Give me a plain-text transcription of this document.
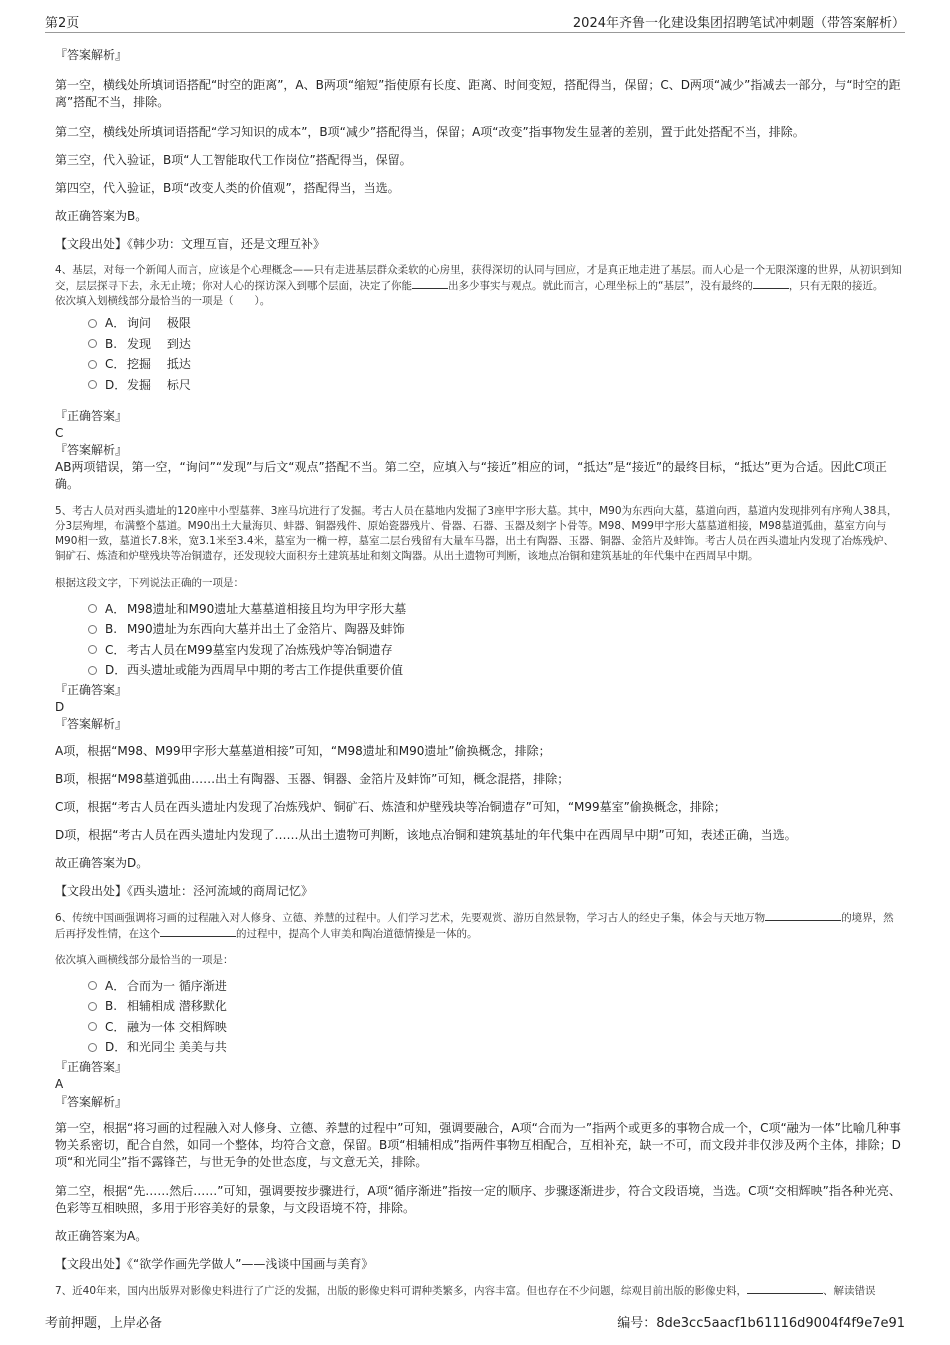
第2页	2024年齐鲁一化建设集团招聘笔试冲刺题（带答案解析）

『答案解析』

第一空，横线处所填词语搭配“时空的距离”，A、B两项“缩短”指使原有长度、距离、时间变短，搭配得当，保留；C、D两项“减少”指减去一部分，与“时空的距离”搭配不当，排除。

第二空，横线处所填词语搭配“学习知识的成本”，B项“减少”搭配得当，保留；A项“改变”指事物发生显著的差别，置于此处搭配不当，排除。

第三空，代入验证，B项“人工智能取代工作岗位”搭配得当，保留。

第四空，代入验证，B项“改变人类的价值观”，搭配得当，当选。

故正确答案为B。

【文段出处】《韩少功：文理互盲，还是文理互补》

4、基层，对每一个新闻人而言，应该是个心理概念——只有走进基层群众柔软的心房里，获得深切的认同与回应，才是真正地走进了基层。而人心是一个无限深邃的世界，从初识到知交，层层探寻下去，永无止境；你对人心的探访深入到哪个层面，决定了你能	出多少事实与观点。就此而言，心理坐标上的“基层”，没有最终的	，只有无限的接近。

依次填入划横线部分最恰当的一项是（　　）。

A． 询问　 极限
B. 发现　 到达
C． 挖掘　 抵达
D． 发掘　 标尺

『正确答案』

C

『答案解析』

AB两项错误，第一空，“询问”“发现”与后文“观点”搭配不当。第二空，应填入与“接近”相应的词，“抵达”是“接近”的最终目标，“抵达”更为合适。因此C项正确。

5、考古人员对西头遗址的120座中小型墓葬、3座马坑进行了发掘。考古人员在墓地内发掘了3座甲字形大墓。其中，M90为东西向大墓，墓道向西，墓道内发现排列有序殉人38具，分3层殉埋，布满整个墓道。M90出土大量海贝、蚌器、铜器残件、原始瓷器残片、骨器、石器、玉器及刻字卜骨等。M98、M99甲字形大墓墓道相接，M98墓道弧曲，墓室方向与M90相一致，墓道长7.8米，宽3.1米至3.4米，墓室为一椭一椁，墓室二层台残留有大量车马器，出土有陶器、玉器、铜器、金箔片及蚌饰。考古人员在西头遗址内发现了冶炼残炉、铜矿石、炼渣和炉壁残块等冶铜遗存，还发现较大面积夯土建筑基址和刻文陶器。从出土遗物可判断，该地点冶铜和建筑基址的年代集中在西周早中期。

根据这段文字，下列说法正确的一项是：

A． M98遗址和M90遗址大墓墓道相接且均为甲字形大墓
B. M90遗址为东西向大墓并出土了金箔片、陶器及蚌饰
C． 考古人员在M99墓室内发现了冶炼残炉等冶铜遗存
D． 西头遗址或能为西周早中期的考古工作提供重要价值

『正确答案』

D

『答案解析』

A项，根据“M98、M99甲字形大墓墓道相接”可知，“M98遗址和M90遗址”偷换概念，排除；

B项，根据“M98墓道弧曲……出土有陶器、玉器、铜器、金箔片及蚌饰”可知，概念混搭，排除；

C项，根据“考古人员在西头遗址内发现了冶炼残炉、铜矿石、炼渣和炉壁残块等冶铜遗存”可知，“M99墓室”偷换概念，排除；

D项，根据“考古人员在西头遗址内发现了……从出土遗物可判断，该地点冶铜和建筑基址的年代集中在西周早中期”可知，表述正确，当选。

故正确答案为D。

【文段出处】《西头遗址：泾河流域的商周记忆》

6、传统中国画强调将习画的过程融入对人修身、立德、养慧的过程中。人们学习艺术，先要观赏、游历自然景物，学习古人的经史子集，体会与天地万物	的境界，然后再抒发性情，在这个	的过程中，提高个人审美和陶冶道德情操是一体的。

依次填入画横线部分最恰当的一项是：

A． 合而为一 循序渐进
B. 相辅相成 潜移默化
C． 融为一体 交相辉映
D． 和光同尘 美美与共

『正确答案』

A

『答案解析』

第一空，根据“将习画的过程融入对人修身、立德、养慧的过程中”可知，强调要融合，A项“合而为一”指两个或更多的事物合成一个，C项“融为一体”比喻几种事物关系密切，配合自然，如同一个整体，均符合文意，保留。B项“相辅相成”指两件事物互相配合，互相补充，缺一不可，而文段并非仅涉及两个主体，排除；D项“和光同尘”指不露锋芒，与世无争的处世态度，与文意无关，排除。

第二空，根据“先……然后……”可知，强调要按步骤进行，A项“循序渐进”指按一定的顺序、步骤逐渐进步，符合文段语境，当选。C项“交相辉映”指各种光亮、色彩等互相映照，多用于形容美好的景象，与文段语境不符，排除。

故正确答案为A。

【文段出处】《“欲学作画先学做人”——浅谈中国画与美育》

7、近40年来，国内出版界对影像史料进行了广泛的发掘，出版的影像史料可谓种类繁多，内容丰富。但也存在不少问题，综观目前出版的影像史料，	、解读错误

考前押题，上岸必备	编号：8de3cc5aacf1b61116d9004f4f9e7e91
